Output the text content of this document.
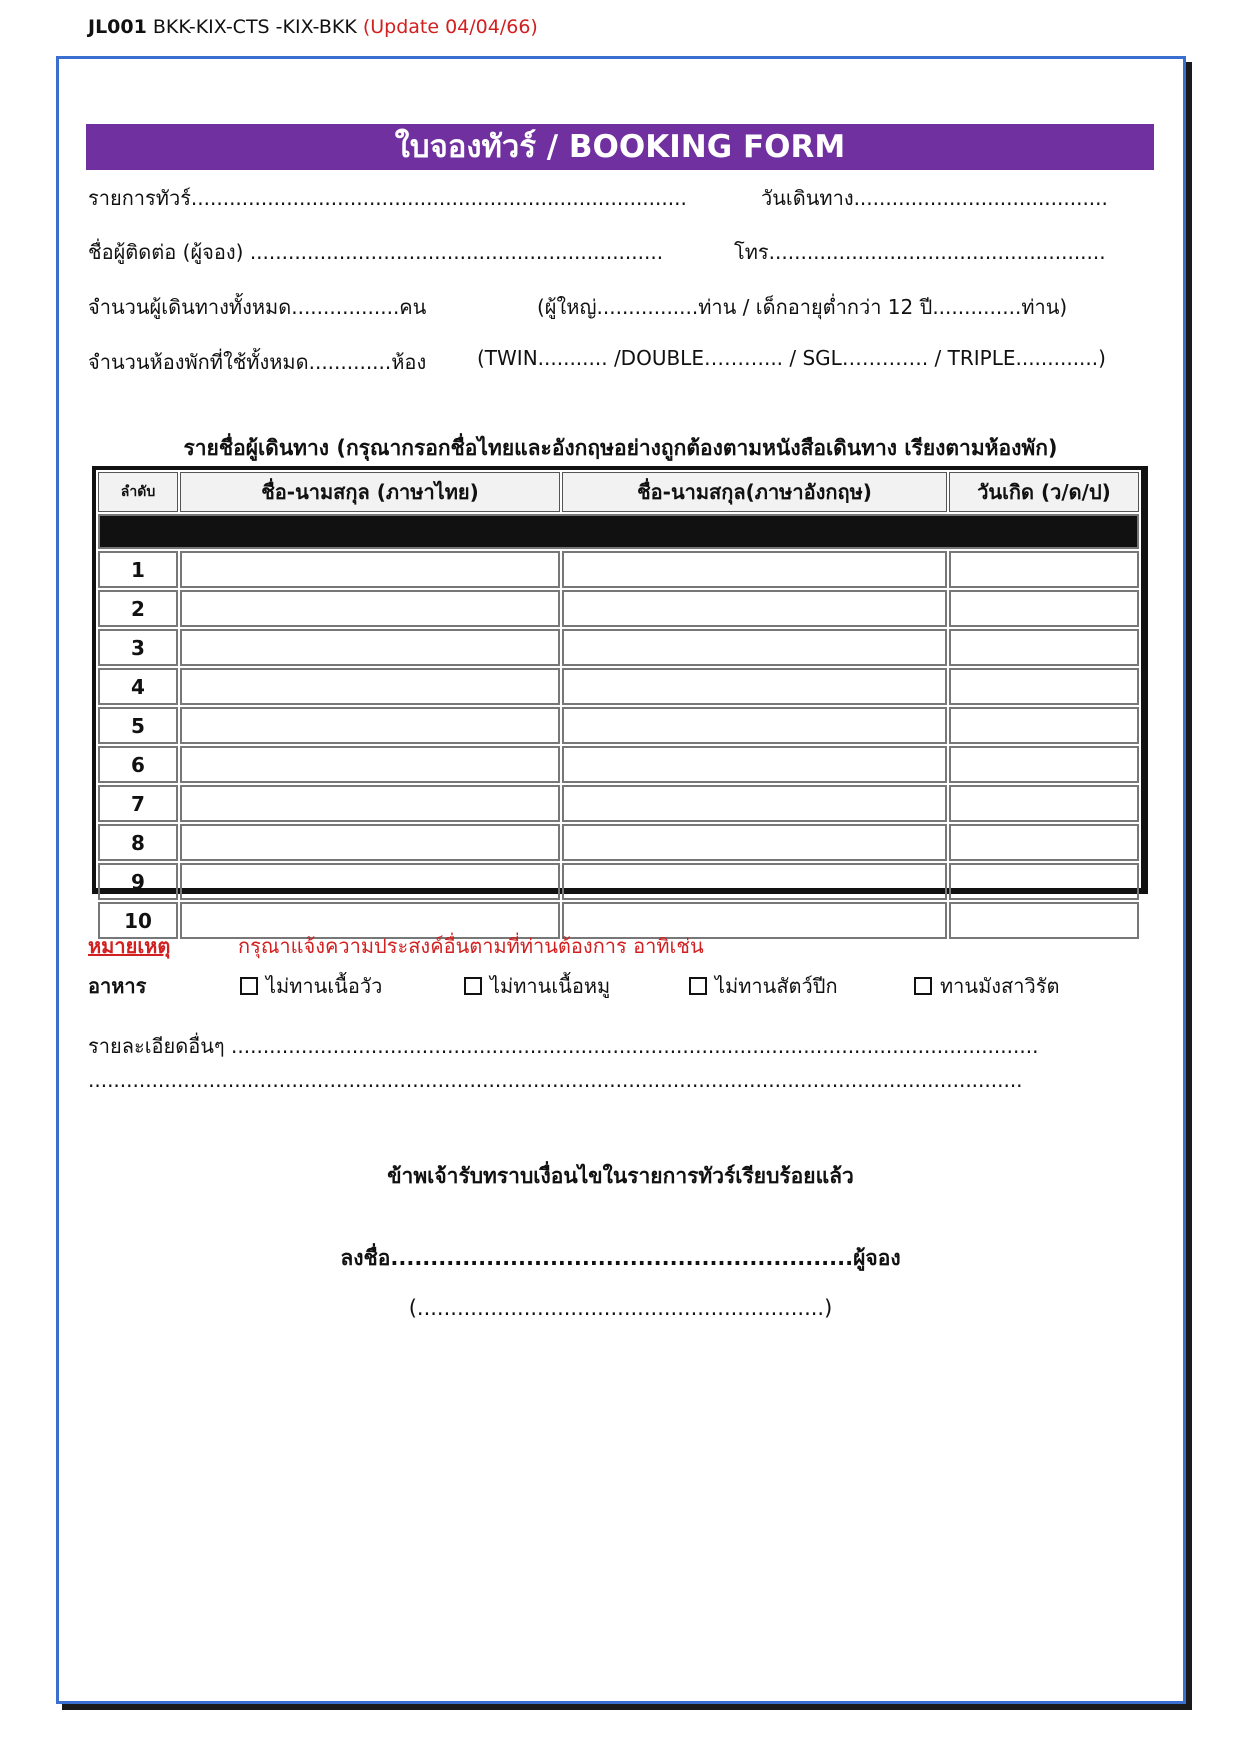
JL001 BKK-KIX-CTS -KIX-BKK (Update 04/04/66)
ใบจองทัวร์ / BOOKING FORM
รายการทัวร์..............................................................................	วันเดินทาง........................................
ชื่อผู้ติดต่อ (ผู้จอง) .................................................................	โทร.....................................................
จำนวนผู้เดินทางทั้งหมด.................คน	(ผู้ใหญ่................ท่าน / เด็กอายุต่ำกว่า 12 ปี..............ท่าน)
จำนวนห้องพักที่ใช้ทั้งหมด.............ห้อง	(TWIN........... /DOUBLE………... / SGL…………. / TRIPLE.............)
รายชื่อผู้เดินทาง (กรุณากรอกชื่อไทยและอังกฤษอย่างถูกต้องตามหนังสือเดินทาง เรียงตามห้องพัก)
ลำดับ	ชื่อ-นามสกุล (ภาษาไทย)	ชื่อ-นามสกุล(ภาษาอังกฤษ)	วันเกิด (ว/ด/ป)

1			
2			
3			
4			
5			
6			
7			
8			
9			
10			
หมายเหตุ	กรุณาแจ้งความประสงค์อื่นตามที่ท่านต้องการ อาทิเช่น
อาหาร	ไม่ทานเนื้อวัว	ไม่ทานเนื้อหมู	ไม่ทานสัตว์ปีก	ทานมังสาวิรัต
รายละเอียดอื่นๆ ...............................................................................................................................
...................................................................................................................................................
ข้าพเจ้ารับทราบเงื่อนไขในรายการทัวร์เรียบร้อยแล้ว
ลงชื่อ..........................................................ผู้จอง
(.............................................................)
